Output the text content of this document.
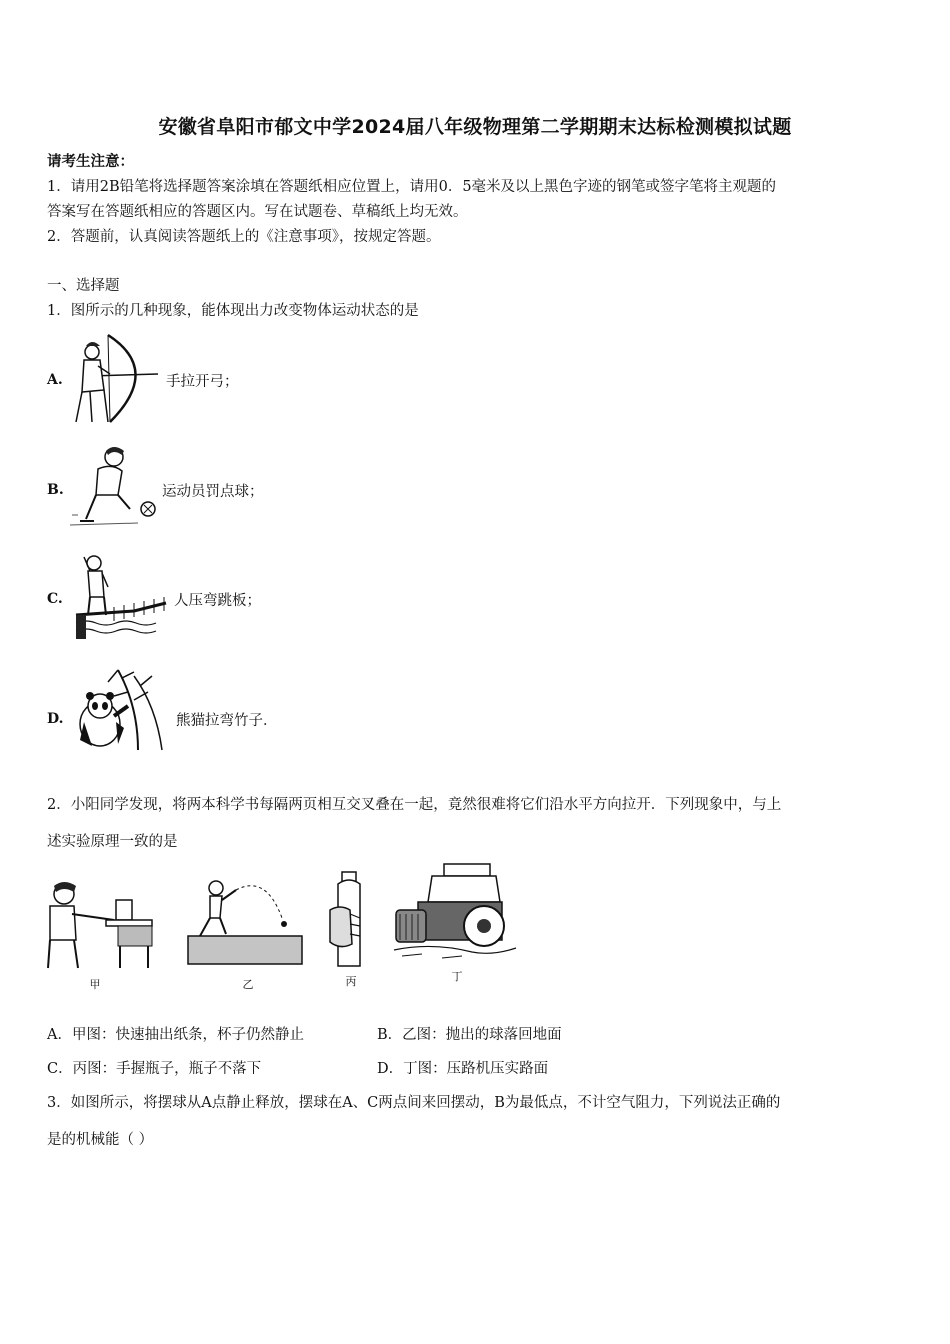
安徽省阜阳市郁文中学2024届八年级物理第二学期期末达标检测模拟试题
请考生注意：
1．请用2B铅笔将选择题答案涂填在答题纸相应位置上，请用0．5毫米及以上黑色字迹的钢笔或签字笔将主观题的
答案写在答题纸相应的答题区内。写在试题卷、草稿纸上均无效。
2．答题前，认真阅读答题纸上的《注意事项》，按规定答题。
一、选择题
1．图所示的几种现象，能体现出力改变物体运动状态的是
A.	手拉开弓；
B.	运动员罚点球；
C.	人压弯跳板；
D.	熊猫拉弯竹子．
2．小阳同学发现，将两本科学书每隔两页相互交叉叠在一起，竟然很难将它们沿水平方向拉开．下列现象中，与上
述实验原理一致的是
甲	乙	丙	丁
A．甲图：快速抽出纸条，杯子仍然静止	B．乙图：抛出的球落回地面
C．丙图：手握瓶子，瓶子不落下	D．丁图：压路机压实路面
3．如图所示，将摆球从A点静止释放，摆球在A、C两点间来回摆动，B为最低点，不计空气阻力，下列说法正确的
是的机械能（ ）
